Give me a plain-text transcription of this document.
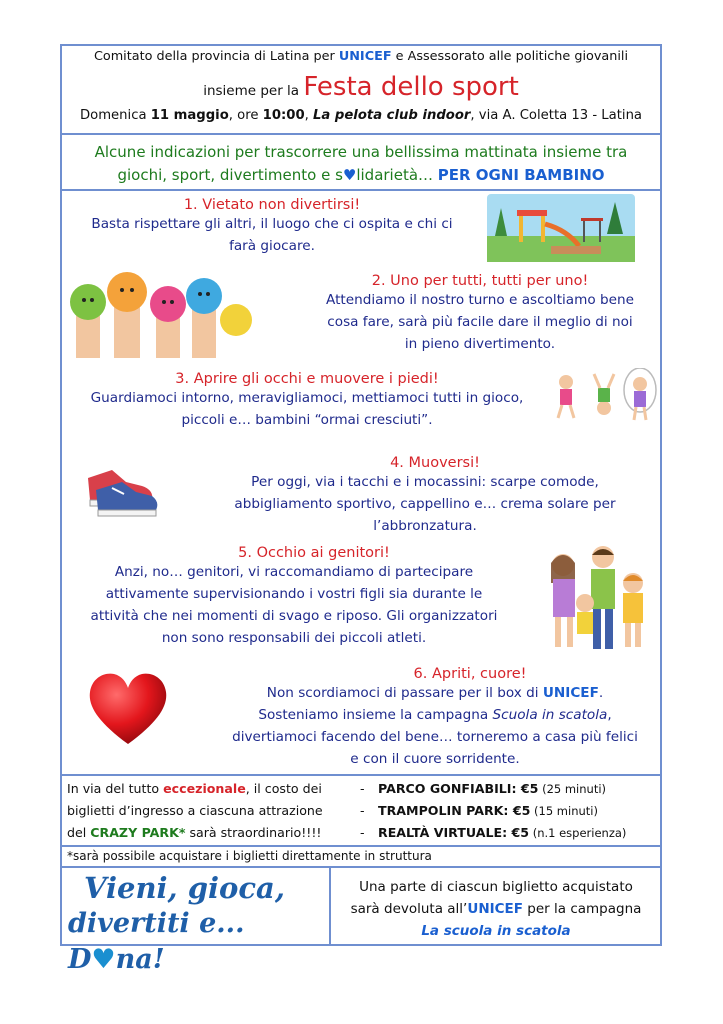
Comitato della provincia di Latina per UNICEF e Assessorato alle politiche giovanili
insieme per la Festa dello sport
Domenica 11 maggio, ore 10:00, La pelota club indoor, via A. Coletta 13 - Latina
Alcune indicazioni per trascorrere una bellissima mattinata insieme tra
giochi, sport, divertimento e s♥lidarietà… PER OGNI BAMBINO
1. Vietato non divertirsi!
Basta rispettare gli altri, il luogo che ci ospita e chi ci
farà giocare.
2. Uno per tutti, tutti per uno!
Attendiamo il nostro turno e ascoltiamo bene
cosa fare, sarà più facile dare il meglio di noi
in pieno divertimento.
3. Aprire gli occhi e muovere i piedi!
Guardiamoci intorno, meravigliamoci, mettiamoci tutti in gioco,
piccoli e… bambini “ormai cresciuti”.
4. Muoversi!
Per oggi, via i tacchi e i mocassini: scarpe comode,
abbigliamento sportivo, cappellino e… crema solare per
l’abbronzatura.
5. Occhio ai genitori!
Anzi, no… genitori, vi raccomandiamo di partecipare
attivamente supervisionando i vostri figli sia durante le
attività che nei momenti di svago e riposo. Gli organizzatori
non sono responsabili dei piccoli atleti.
6. Apriti, cuore!
Non scordiamoci di passare per il box di UNICEF.
Sosteniamo insieme la campagna Scuola in scatola,
divertiamoci facendo del bene… torneremo a casa più felici
e con il cuore sorridente.
In via del tutto eccezionale, il costo dei
biglietti d’ingresso a ciascuna attrazione
del CRAZY PARK* sarà straordinario!!!!
- PARCO GONFIABILI: €5 (25 minuti)
- TRAMPOLIN PARK: €5 (15 minuti)
- REALTÀ VIRTUALE: €5 (n.1 esperienza)
*sarà possibile acquistare i biglietti direttamente in struttura
Vieni, gioca,
divertiti e... D♥na!
Una parte di ciascun biglietto acquistato
sarà devoluta all’UNICEF per la campagna
La scuola in scatola
